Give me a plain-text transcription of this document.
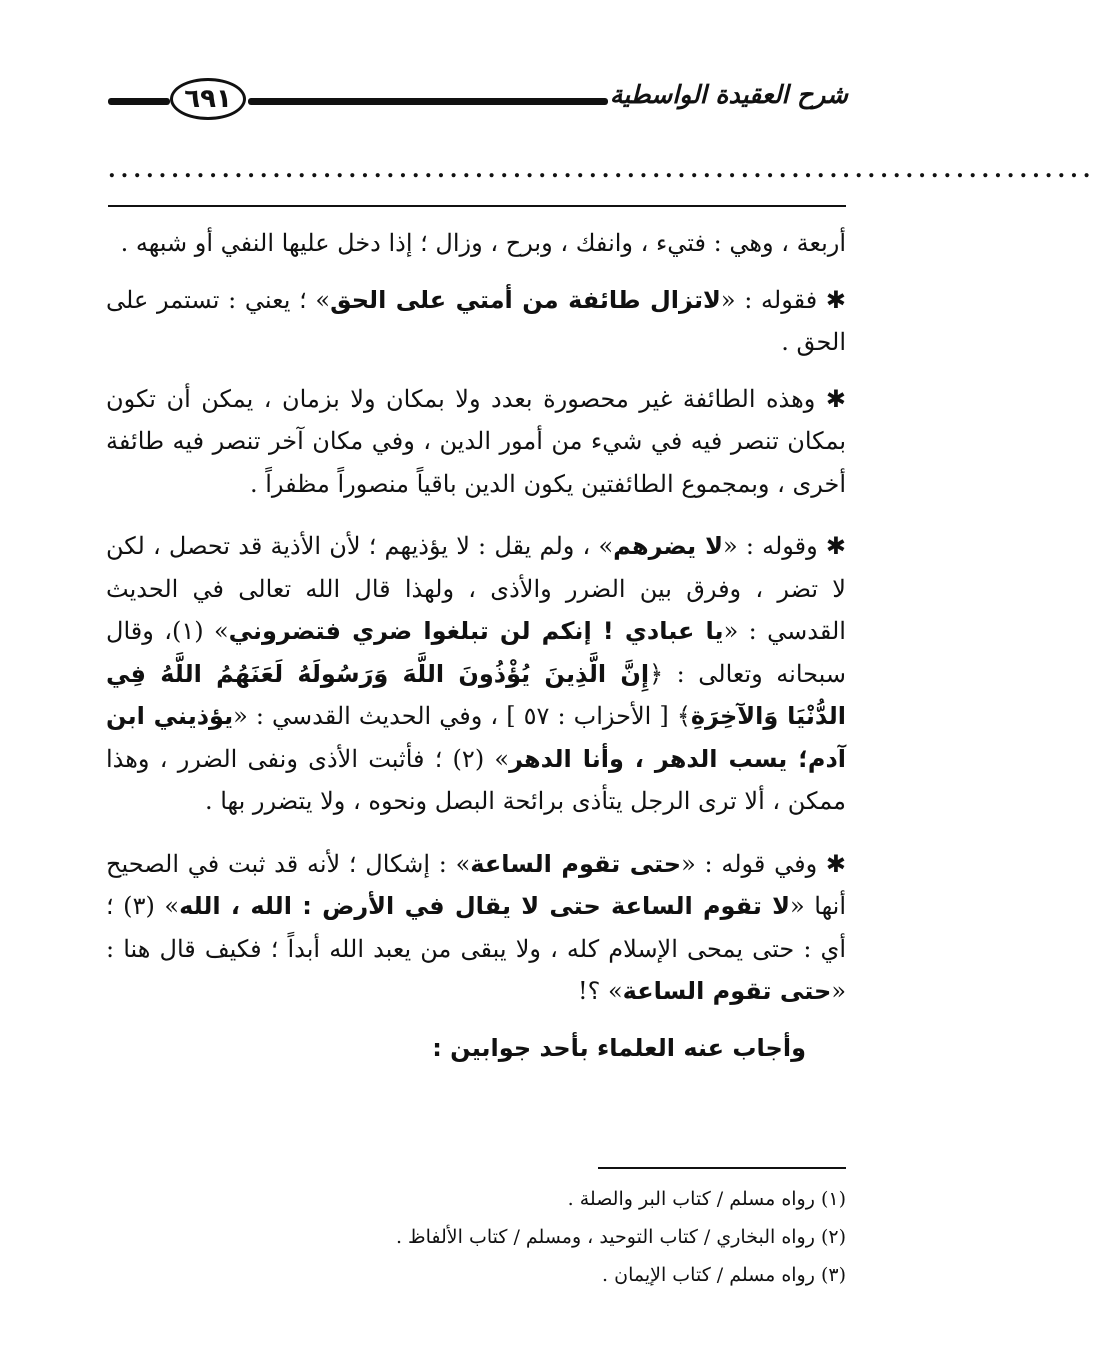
شرح العقيدة الواسطية
٦٩١
..............................................................................

أربعة ، وهي : فتيء ، وانفك ، وبرح ، وزال ؛ إذا دخل عليها النفي أو شبهه .

✱ فقوله : «لاتزال طائفة من أمتي على الحق» ؛ يعني : تستمر على الحق .

✱ وهذه الطائفة غير محصورة بعدد ولا بمكان ولا بزمان ، يمكن أن تكون بمكان تنصر فيه في شيء من أمور الدين ، وفي مكان آخر تنصر فيه طائفة أخرى ، وبمجموع الطائفتين يكون الدين باقياً منصوراً مظفراً .

✱ وقوله : «لا يضرهم» ، ولم يقل : لا يؤذيهم ؛ لأن الأذية قد تحصل ، لكن لا تضر ، وفرق بين الضرر والأذى ، ولهذا قال الله تعالى في الحديث القدسي : «يا عبادي ! إنكم لن تبلغوا ضري فتضروني» (١)، وقال سبحانه وتعالى : ﴿إِنَّ الَّذِينَ يُؤْذُونَ اللَّهَ وَرَسُولَهُ لَعَنَهُمُ اللَّهُ فِي الدُّنْيَا وَالآخِرَةِ﴾ [ الأحزاب : ٥٧ ] ، وفي الحديث القدسي : «يؤذيني ابن آدم؛ يسب الدهر ، وأنا الدهر» (٢) ؛ فأثبت الأذى ونفى الضرر ، وهذا ممكن ، ألا ترى الرجل يتأذى برائحة البصل ونحوه ، ولا يتضرر بها .

✱ وفي قوله : «حتى تقوم الساعة» : إشكال ؛ لأنه قد ثبت في الصحيح أنها «لا تقوم الساعة حتى لا يقال في الأرض : الله ، الله» (٣) ؛ أي : حتى يمحى الإسلام كله ، ولا يبقى من يعبد الله أبداً ؛ فكيف قال هنا : «حتى تقوم الساعة» ؟!

وأجاب عنه العلماء بأحد جوابين :

(١) رواه مسلم / كتاب البر والصلة .
(٢) رواه البخاري / كتاب التوحيد ، ومسلم / كتاب الألفاظ .
(٣) رواه مسلم / كتاب الإيمان .
